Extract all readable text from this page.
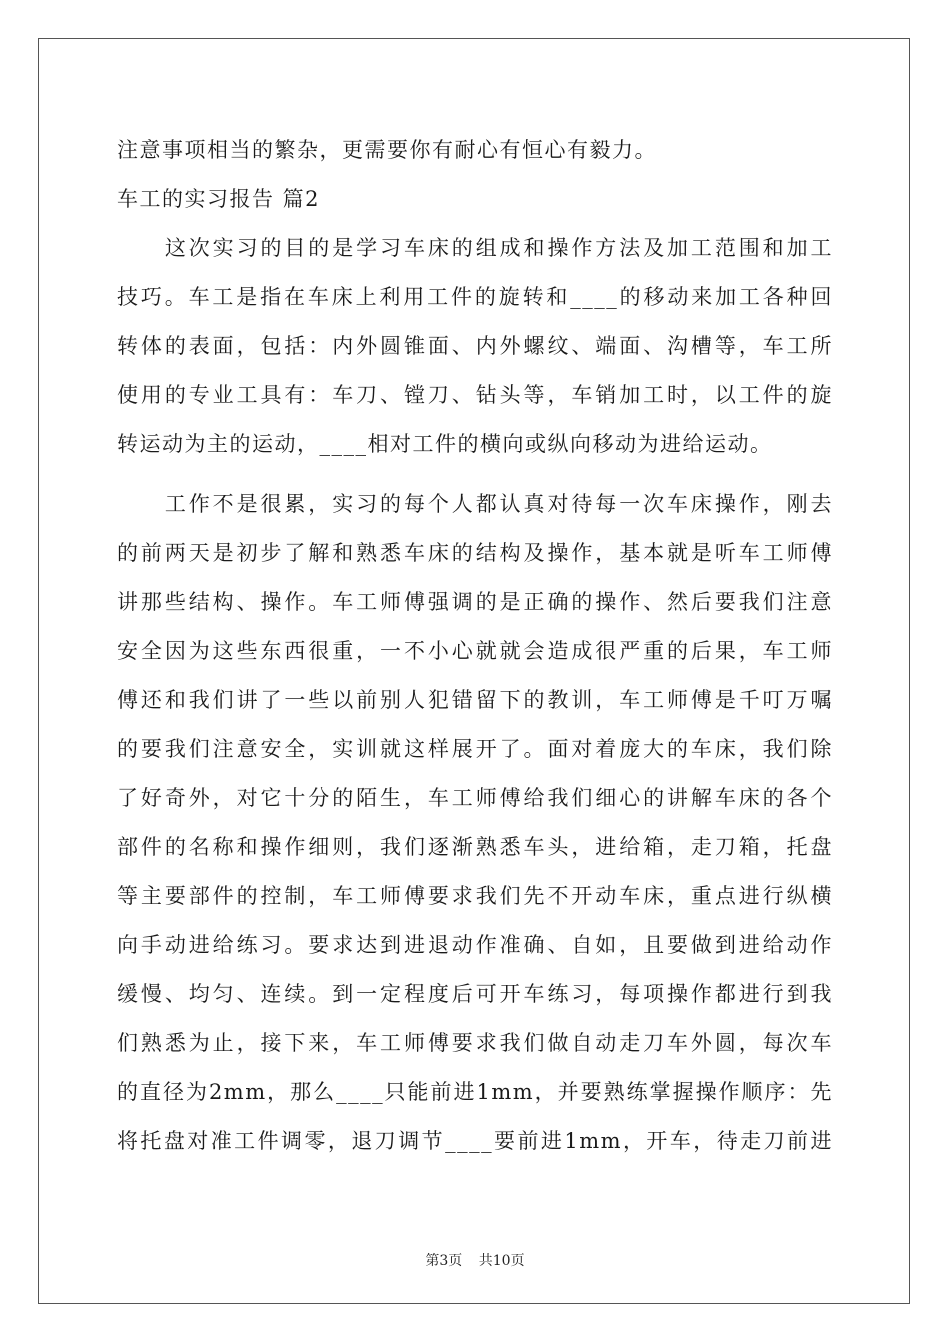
注意事项相当的繁杂，更需要你有耐心有恒心有毅力。
车工的实习报告 篇2
　　这次实习的目的是学习车床的组成和操作方法及加工范围和加工
技巧。车工是指在车床上利用工件的旋转和____的移动来加工各种回
转体的表面，包括：内外圆锥面、内外螺纹、端面、沟槽等，车工所
使用的专业工具有：车刀、镗刀、钻头等，车销加工时，以工件的旋
转运动为主的运动，____相对工件的横向或纵向移动为进给运动。
　　工作不是很累，实习的每个人都认真对待每一次车床操作，刚去
的前两天是初步了解和熟悉车床的结构及操作，基本就是听车工师傅
讲那些结构、操作。车工师傅强调的是正确的操作、然后要我们注意
安全因为这些东西很重，一不小心就就会造成很严重的后果，车工师
傅还和我们讲了一些以前别人犯错留下的教训，车工师傅是千叮万嘱
的要我们注意安全，实训就这样展开了。面对着庞大的车床，我们除
了好奇外，对它十分的陌生，车工师傅给我们细心的讲解车床的各个
部件的名称和操作细则，我们逐渐熟悉车头，进给箱，走刀箱，托盘
等主要部件的控制，车工师傅要求我们先不开动车床，重点进行纵横
向手动进给练习。要求达到进退动作准确、自如，且要做到进给动作
缓慢、均匀、连续。到一定程度后可开车练习，每项操作都进行到我
们熟悉为止，接下来，车工师傅要求我们做自动走刀车外圆，每次车
的直径为2mm，那么____只能前进1mm，并要熟练掌握操作顺序：先
将托盘对准工件调零，退刀调节____要前进1mm，开车，待走刀前进
第3页 共10页
